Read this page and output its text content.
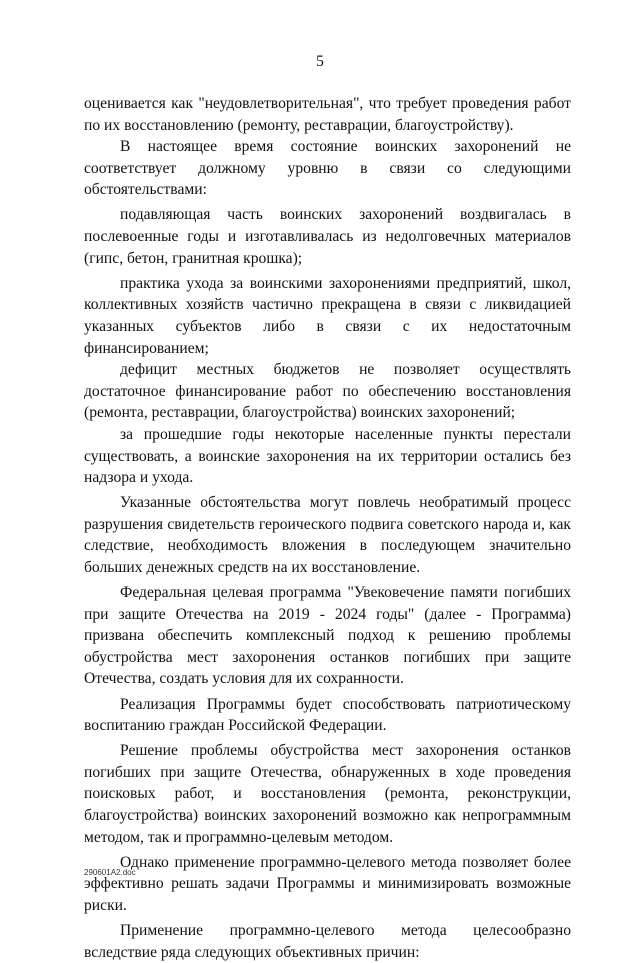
5

оценивается как "неудовлетворительная", что требует проведения работ по их восстановлению (ремонту, реставрации, благоустройству).

В настоящее время состояние воинских захоронений не соответствует должному уровню в связи со следующими обстоятельствами:

подавляющая часть воинских захоронений воздвигалась в послевоенные годы и изготавливалась из недолговечных материалов (гипс, бетон, гранитная крошка);

практика ухода за воинскими захоронениями предприятий, школ, коллективных хозяйств частично прекращена в связи с ликвидацией указанных субъектов либо в связи с их недостаточным финансированием;

дефицит местных бюджетов не позволяет осуществлять достаточное финансирование работ по обеспечению восстановления (ремонта, реставрации, благоустройства) воинских захоронений;

за прошедшие годы некоторые населенные пункты перестали существовать, а воинские захоронения на их территории остались без надзора и ухода.

Указанные обстоятельства могут повлечь необратимый процесс разрушения свидетельств героического подвига советского народа и, как следствие, необходимость вложения в последующем значительно больших денежных средств на их восстановление.

Федеральная целевая программа "Увековечение памяти погибших при защите Отечества на 2019 - 2024 годы" (далее - Программа) призвана обеспечить комплексный подход к решению проблемы обустройства мест захоронения останков погибших при защите Отечества, создать условия для их сохранности.

Реализация Программы будет способствовать патриотическому воспитанию граждан Российской Федерации.

Решение проблемы обустройства мест захоронения останков погибших при защите Отечества, обнаруженных в ходе проведения поисковых работ, и восстановления (ремонта, реконструкции, благоустройства) воинских захоронений возможно как непрограммным методом, так и программно-целевым методом.

Однако применение программно-целевого метода позволяет более эффективно решать задачи Программы и минимизировать возможные риски.

Применение программно-целевого метода целесообразно вследствие ряда следующих объективных причин:

290601A2.doc
